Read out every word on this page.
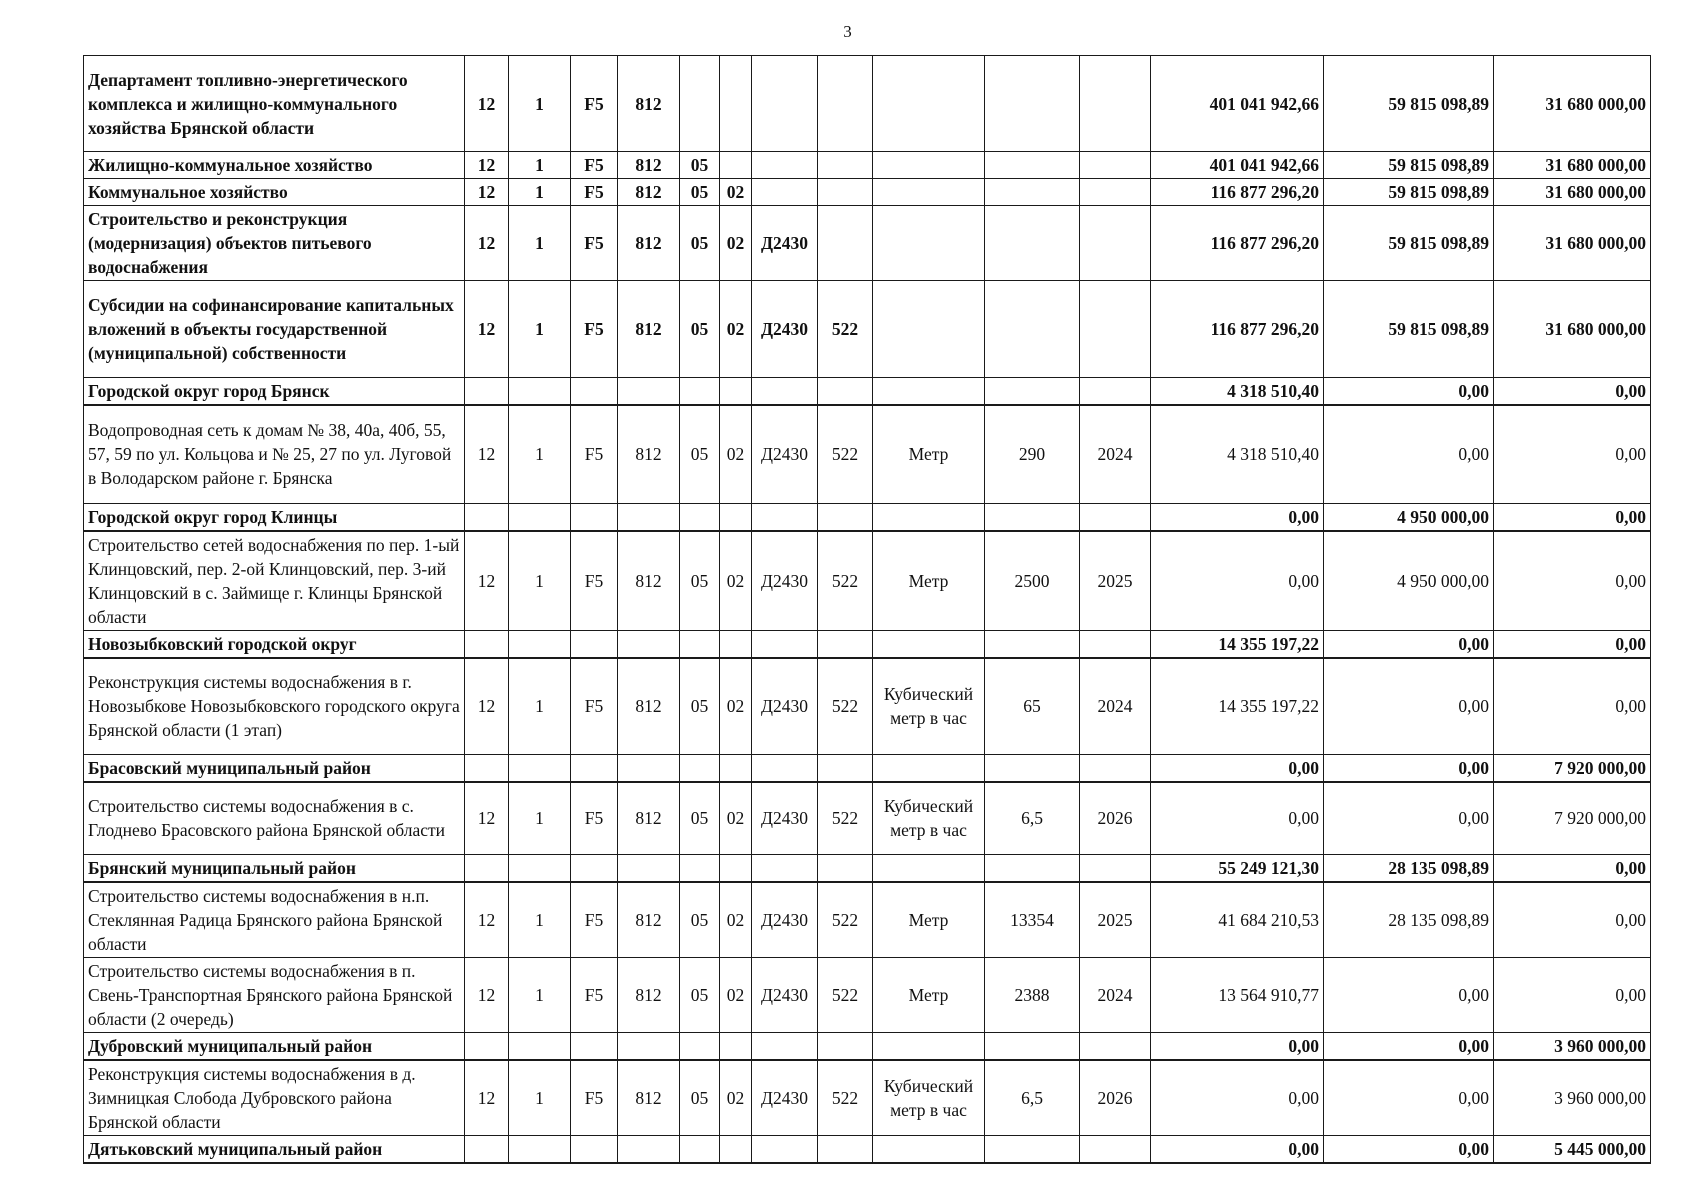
3
Департамент топливно-энергетического комплекса и жилищно-коммунального хозяйства Брянской области	12	1	F5	812								401 041 942,66	59 815 098,89	31 680 000,00
Жилищно-коммунальное хозяйство	12	1	F5	812	05							401 041 942,66	59 815 098,89	31 680 000,00
Коммунальное хозяйство	12	1	F5	812	05	02						116 877 296,20	59 815 098,89	31 680 000,00
Строительство и реконструкция (модернизация) объектов питьевого водоснабжения	12	1	F5	812	05	02	Д2430					116 877 296,20	59 815 098,89	31 680 000,00
Субсидии на софинансирование капитальных вложений в объекты государственной (муниципальной) собственности	12	1	F5	812	05	02	Д2430	522				116 877 296,20	59 815 098,89	31 680 000,00
Городской округ город Брянск												4 318 510,40	0,00	0,00
Водопроводная сеть к домам № 38, 40а, 40б, 55, 57, 59 по ул. Кольцова и № 25, 27 по ул. Луговой в Володарском районе г. Брянска	12	1	F5	812	05	02	Д2430	522	Метр	290	2024	4 318 510,40	0,00	0,00
Городской округ город Клинцы												0,00	4 950 000,00	0,00
Строительство сетей водоснабжения по пер. 1-ый Клинцовский, пер. 2-ой Клинцовский, пер. 3-ий Клинцовский в с. Займище г. Клинцы Брянской области	12	1	F5	812	05	02	Д2430	522	Метр	2500	2025	0,00	4 950 000,00	0,00
Новозыбковский городской округ												14 355 197,22	0,00	0,00
Реконструкция системы водоснабжения в г. Новозыбкове Новозыбковского городского округа Брянской области (1 этап)	12	1	F5	812	05	02	Д2430	522	Кубический метр в час	65	2024	14 355 197,22	0,00	0,00
Брасовский муниципальный район												0,00	0,00	7 920 000,00
Строительство системы водоснабжения в с. Глоднево Брасовского района Брянской области	12	1	F5	812	05	02	Д2430	522	Кубический метр в час	6,5	2026	0,00	0,00	7 920 000,00
Брянский муниципальный район												55 249 121,30	28 135 098,89	0,00
Строительство системы водоснабжения в н.п. Стеклянная Радица Брянского района Брянской области	12	1	F5	812	05	02	Д2430	522	Метр	13354	2025	41 684 210,53	28 135 098,89	0,00
Строительство системы водоснабжения в п. Свень-Транспортная Брянского района Брянской области (2 очередь)	12	1	F5	812	05	02	Д2430	522	Метр	2388	2024	13 564 910,77	0,00	0,00
Дубровский муниципальный район												0,00	0,00	3 960 000,00
Реконструкция системы водоснабжения в д. Зимницкая Слобода Дубровского района Брянской области	12	1	F5	812	05	02	Д2430	522	Кубический метр в час	6,5	2026	0,00	0,00	3 960 000,00
Дятьковский муниципальный район												0,00	0,00	5 445 000,00
